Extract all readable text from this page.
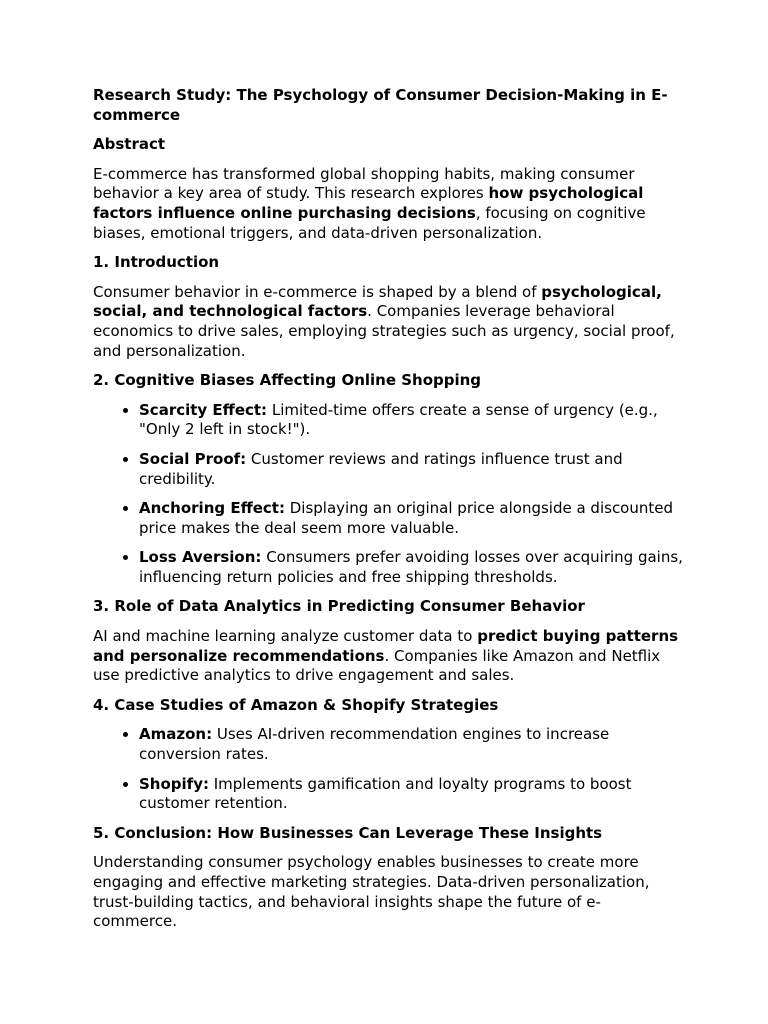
Research Study: The Psychology of Consumer Decision-Making in E-commerce
Abstract

E-commerce has transformed global shopping habits, making consumer behavior a key area of study. This research explores how psychological factors influence online purchasing decisions, focusing on cognitive biases, emotional triggers, and data-driven personalization.

1. Introduction

Consumer behavior in e-commerce is shaped by a blend of psychological, social, and technological factors. Companies leverage behavioral economics to drive sales, employing strategies such as urgency, social proof, and personalization.

2. Cognitive Biases Affecting Online Shopping
• Scarcity Effect: Limited-time offers create a sense of urgency (e.g., "Only 2 left in stock!").
• Social Proof: Customer reviews and ratings influence trust and credibility.
• Anchoring Effect: Displaying an original price alongside a discounted price makes the deal seem more valuable.
• Loss Aversion: Consumers prefer avoiding losses over acquiring gains, influencing return policies and free shipping thresholds.
3. Role of Data Analytics in Predicting Consumer Behavior

AI and machine learning analyze customer data to predict buying patterns and personalize recommendations. Companies like Amazon and Netflix use predictive analytics to drive engagement and sales.

4. Case Studies of Amazon & Shopify Strategies
• Amazon: Uses AI-driven recommendation engines to increase conversion rates.
• Shopify: Implements gamification and loyalty programs to boost customer retention.
5. Conclusion: How Businesses Can Leverage These Insights

Understanding consumer psychology enables businesses to create more engaging and effective marketing strategies. Data-driven personalization, trust-building tactics, and behavioral insights shape the future of e-commerce.
